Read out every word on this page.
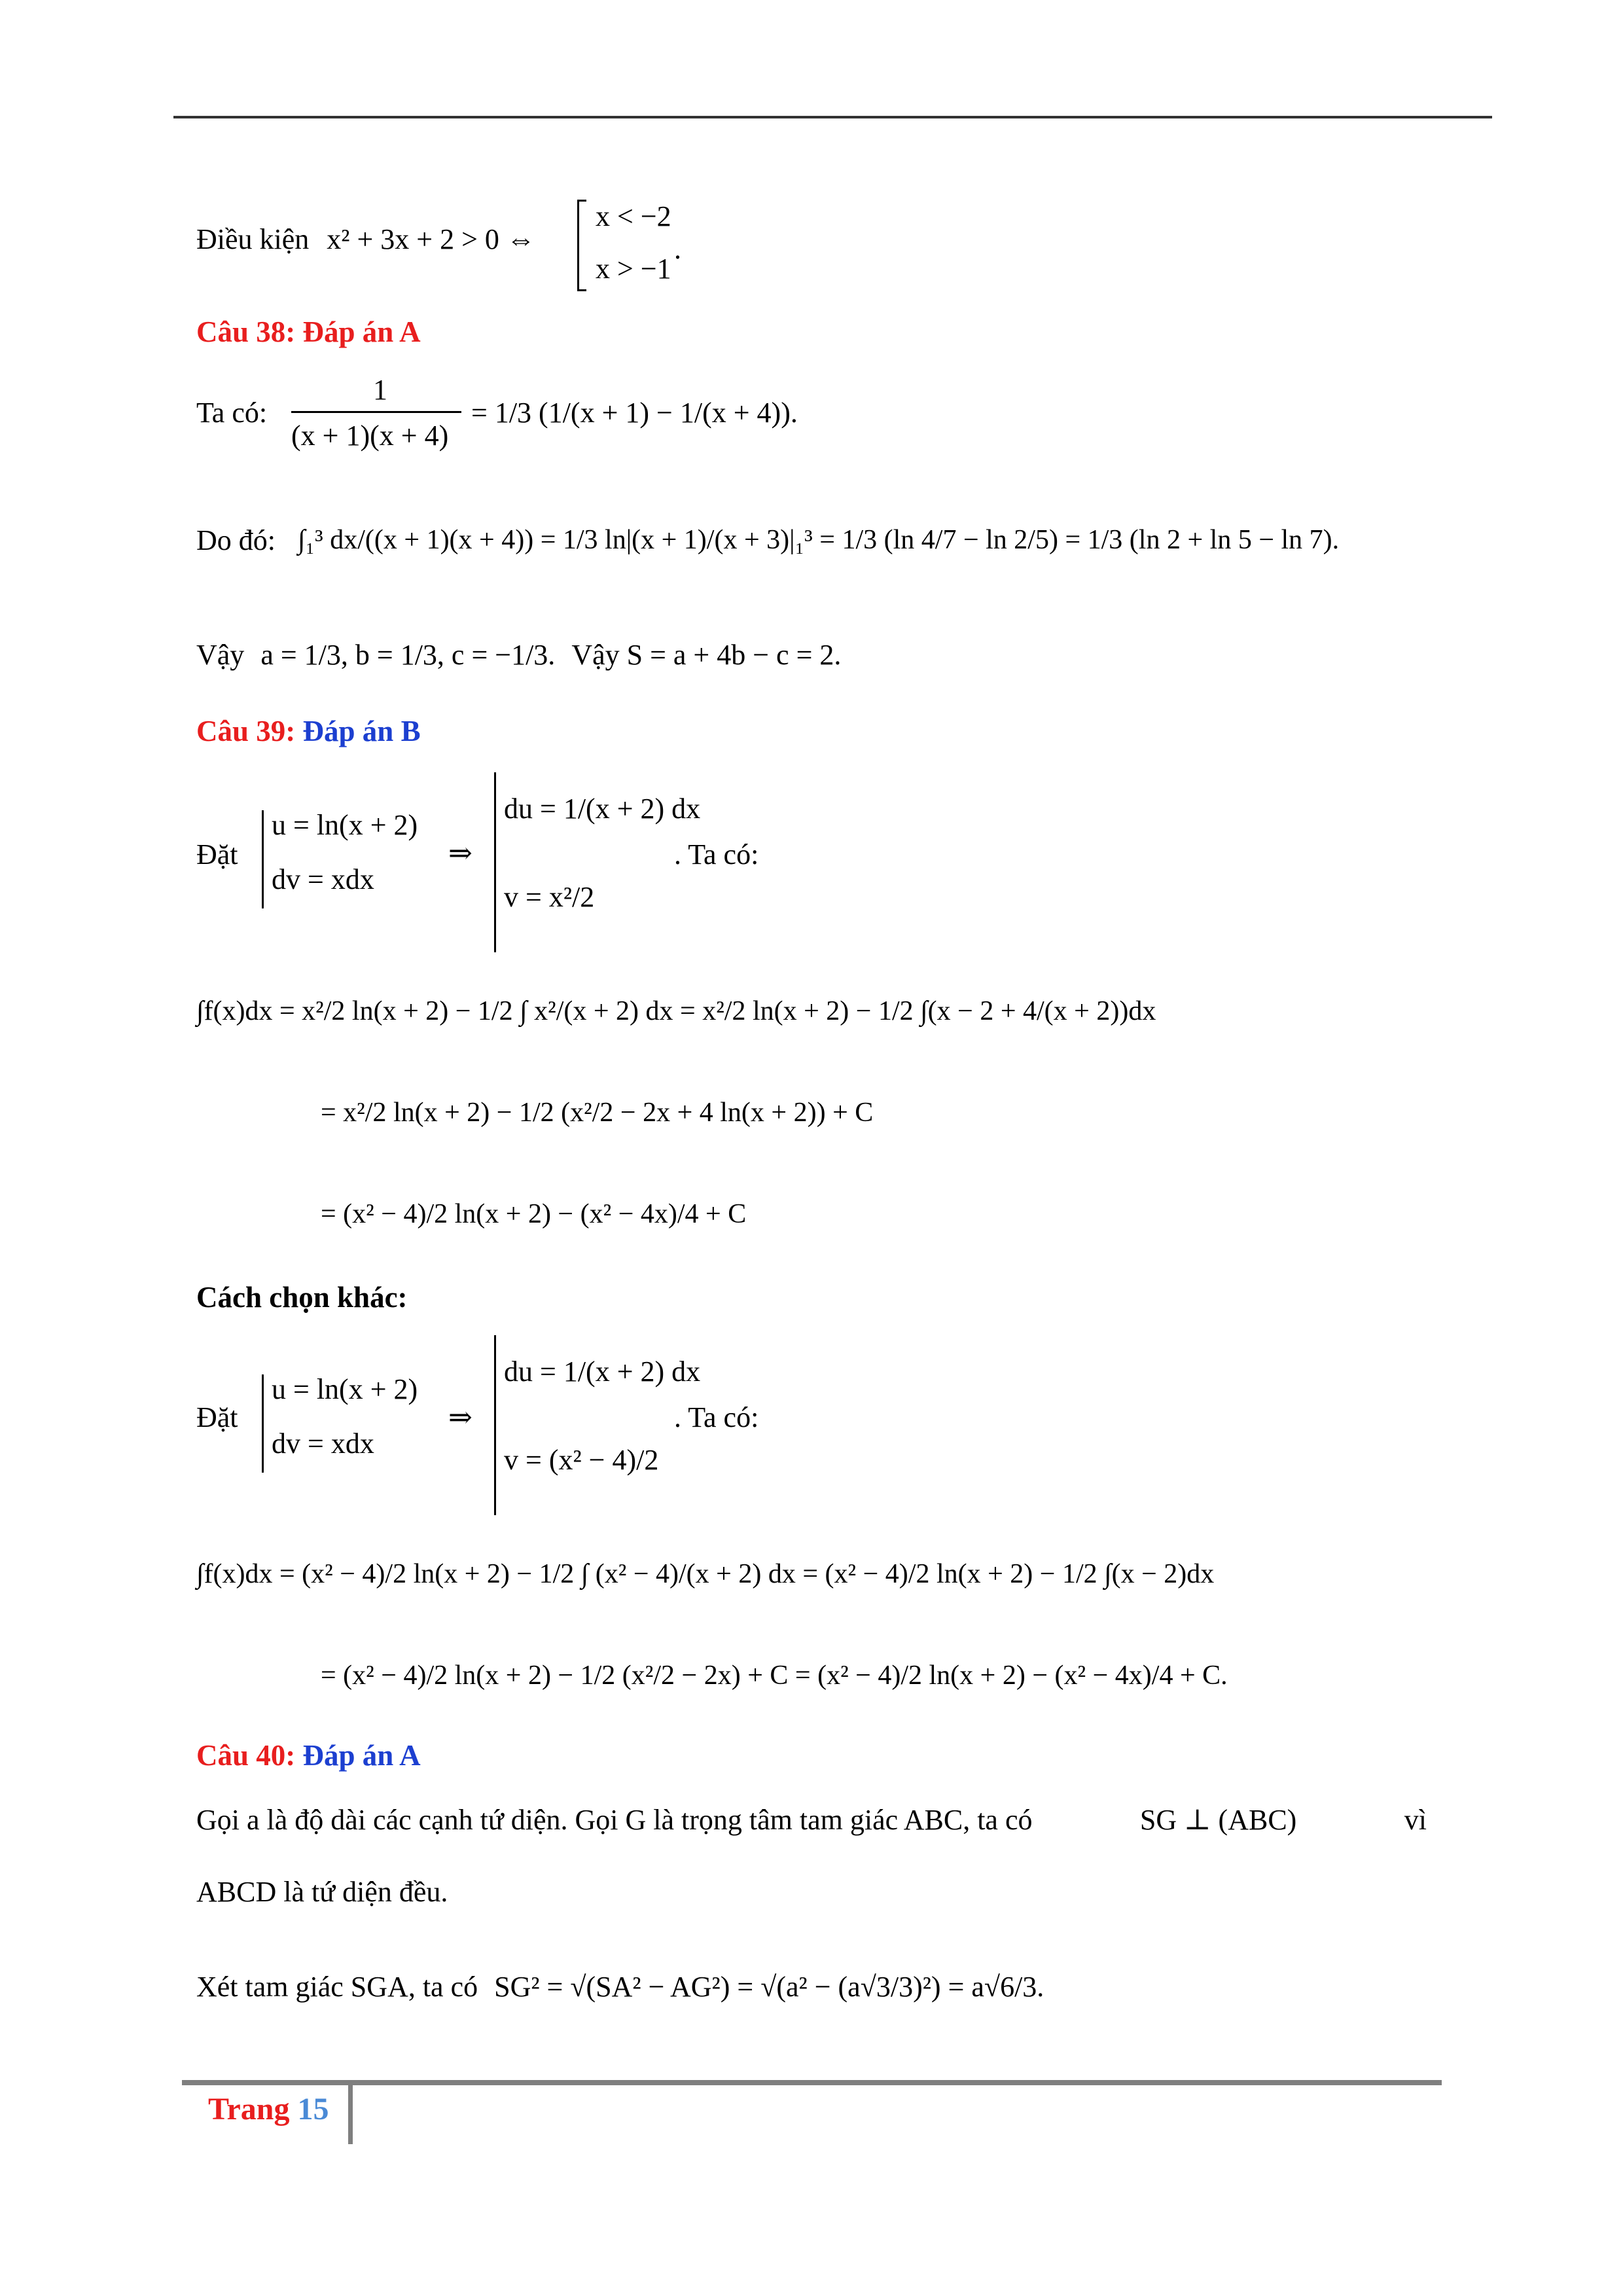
Điều kiện x² + 3x + 2 > 0 ⇔
x < −2
x > −1
.
Câu 38: Đáp án A
Ta có:
1
(x + 1)(x + 4)
= 1/3 (1/(x + 1) − 1/(x + 4)).
Do đó: ∫₁³ dx/((x + 1)(x + 4)) = 1/3 ln|(x + 1)/(x + 3)|₁³ = 1/3 (ln 4/7 − ln 2/5) = 1/3 (ln 2 + ln 5 − ln 7).
Vậy a = 1/3, b = 1/3, c = −1/3. Vậy S = a + 4b − c = 2.
Câu 39: Đáp án B
Đặt
u = ln(x + 2)
dv = xdx
⇒
du = 1/(x + 2) dx
v = x²/2
. Ta có:
∫f(x)dx = x²/2 ln(x + 2) − 1/2 ∫ x²/(x + 2) dx = x²/2 ln(x + 2) − 1/2 ∫(x − 2 + 4/(x + 2))dx
= x²/2 ln(x + 2) − 1/2 (x²/2 − 2x + 4 ln(x + 2)) + C
= (x² − 4)/2 ln(x + 2) − (x² − 4x)/4 + C
Cách chọn khác:
Đặt
u = ln(x + 2)
dv = xdx
⇒
du = 1/(x + 2) dx
v = (x² − 4)/2
. Ta có:
∫f(x)dx = (x² − 4)/2 ln(x + 2) − 1/2 ∫ (x² − 4)/(x + 2) dx = (x² − 4)/2 ln(x + 2) − 1/2 ∫(x − 2)dx
= (x² − 4)/2 ln(x + 2) − 1/2 (x²/2 − 2x) + C = (x² − 4)/2 ln(x + 2) − (x² − 4x)/4 + C.
Câu 40: Đáp án A
Gọi a là độ dài các cạnh tứ diện. Gọi G là trọng tâm tam giác ABC, ta có	SG ⊥ (ABC)	vì
ABCD là tứ diện đều.
Xét tam giác SGA, ta có SG² = √(SA² − AG²) = √(a² − (a√3/3)²) = a√6/3.
Trang 15
